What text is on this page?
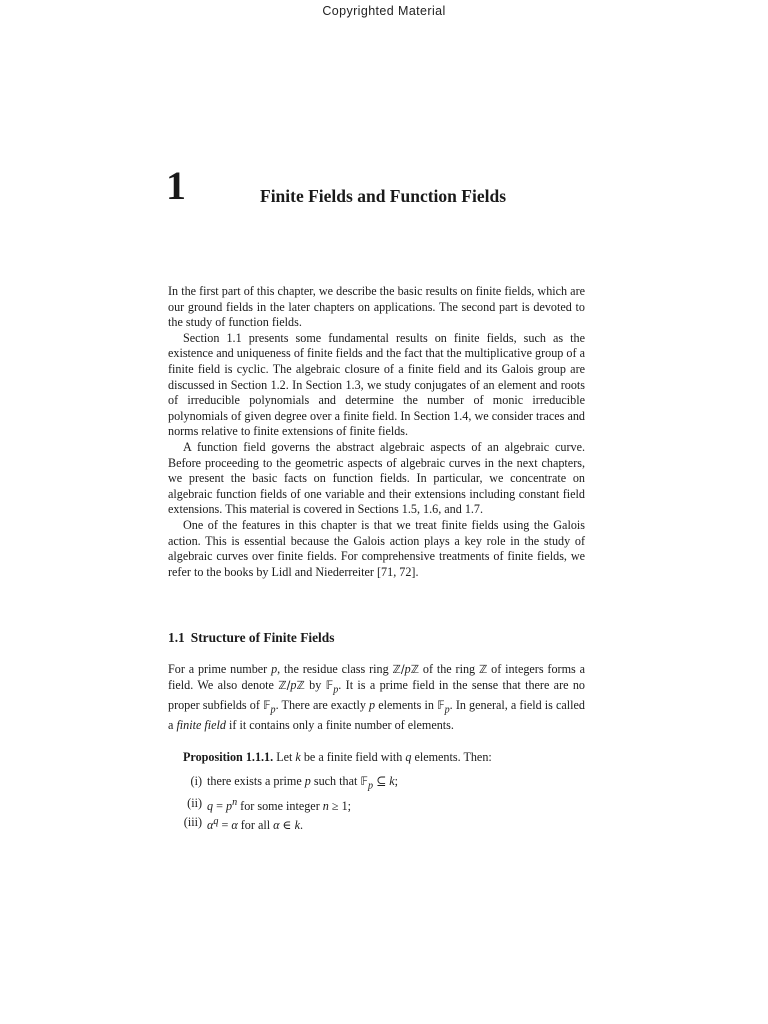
Copyrighted Material
1	Finite Fields and Function Fields

In the first part of this chapter, we describe the basic results on finite fields, which are our ground fields in the later chapters on applications. The second part is devoted to the study of function fields.

Section 1.1 presents some fundamental results on finite fields, such as the existence and uniqueness of finite fields and the fact that the multiplicative group of a finite field is cyclic. The algebraic closure of a finite field and its Galois group are discussed in Section 1.2. In Section 1.3, we study conjugates of an element and roots of irreducible polynomials and determine the number of monic irreducible polynomials of given degree over a finite field. In Section 1.4, we consider traces and norms relative to finite extensions of finite fields.

A function field governs the abstract algebraic aspects of an algebraic curve. Before proceeding to the geometric aspects of algebraic curves in the next chapters, we present the basic facts on function fields. In particular, we concentrate on algebraic function fields of one variable and their extensions including constant field extensions. This material is covered in Sections 1.5, 1.6, and 1.7.

One of the features in this chapter is that we treat finite fields using the Galois action. This is essential because the Galois action plays a key role in the study of algebraic curves over finite fields. For comprehensive treatments of finite fields, we refer to the books by Lidl and Niederreiter [71, 72].

1.1 Structure of Finite Fields

For a prime number p, the residue class ring ℤ/pℤ of the ring ℤ of integers forms a field. We also denote ℤ/pℤ by 𝔽$_p$. It is a prime field in the sense that there are no proper subfields of 𝔽$_p$. There are exactly p elements in 𝔽$_p$. In general, a field is called a finite field if it contains only a finite number of elements.

Proposition 1.1.1. Let k be a finite field with q elements. Then:
(i) there exists a prime p such that 𝔽$_p$ ⊆ k;
(ii) $q = p^n$ for some integer n ≥ 1;
(iii) $\alpha^q = \alpha$ for all α ∈ k.
